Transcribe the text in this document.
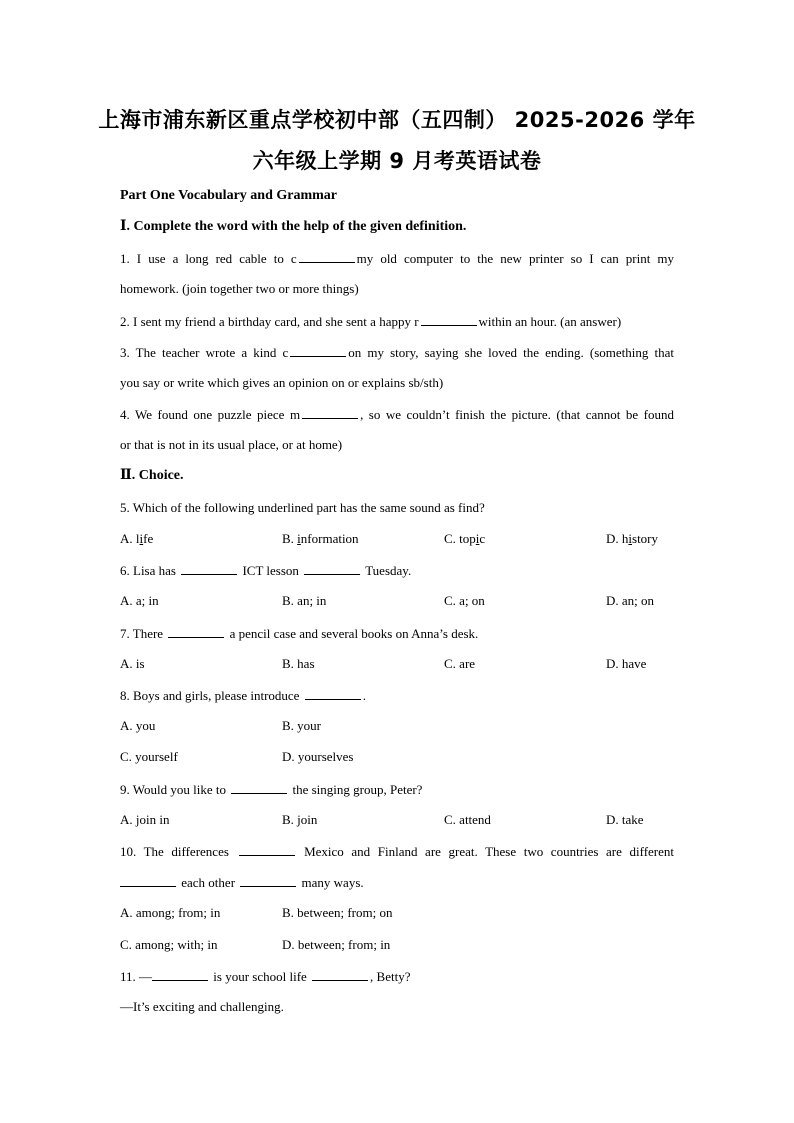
上海市浦东新区重点学校初中部（五四制） 2025-2026 学年
六年级上学期 9 月考英语试卷
Part One Vocabulary and Grammar
Ⅰ. Complete the word with the help of the given definition.
1. I use a long red cable to c	my old computer to the new printer so I can print my
homework. (join together two or more things)
2. I sent my friend a birthday card, and she sent a happy r	within an hour. (an answer)
3. The teacher wrote a kind c	on my story, saying she loved the ending. (something that
you say or write which gives an opinion on or explains sb/sth)
4. We found one puzzle piece m	, so we couldn’t finish the picture. (that cannot be found
or that is not in its usual place, or at home)
Ⅱ. Choice.
5. Which of the following underlined part has the same sound as find?
A. life	B. information	C. topic	D. history
6. Lisa has	ICT lesson	Tuesday.
A. a; in	B. an; in	C. a; on	D. an; on
7. There	a pencil case and several books on Anna’s desk.
A. is	B. has	C. are	D. have
8. Boys and girls, please introduce	.
A. you	B. your
C. yourself	D. yourselves
9. Would you like to	the singing group, Peter?
A. join in	B. join	C. attend	D. take
10. The differences	Mexico and Finland are great. These two countries are different
each other	many ways.
A. among; from; in	B. between; from; on
C. among; with; in	D. between; from; in
11. —	is your school life	, Betty?
—It’s exciting and challenging.
